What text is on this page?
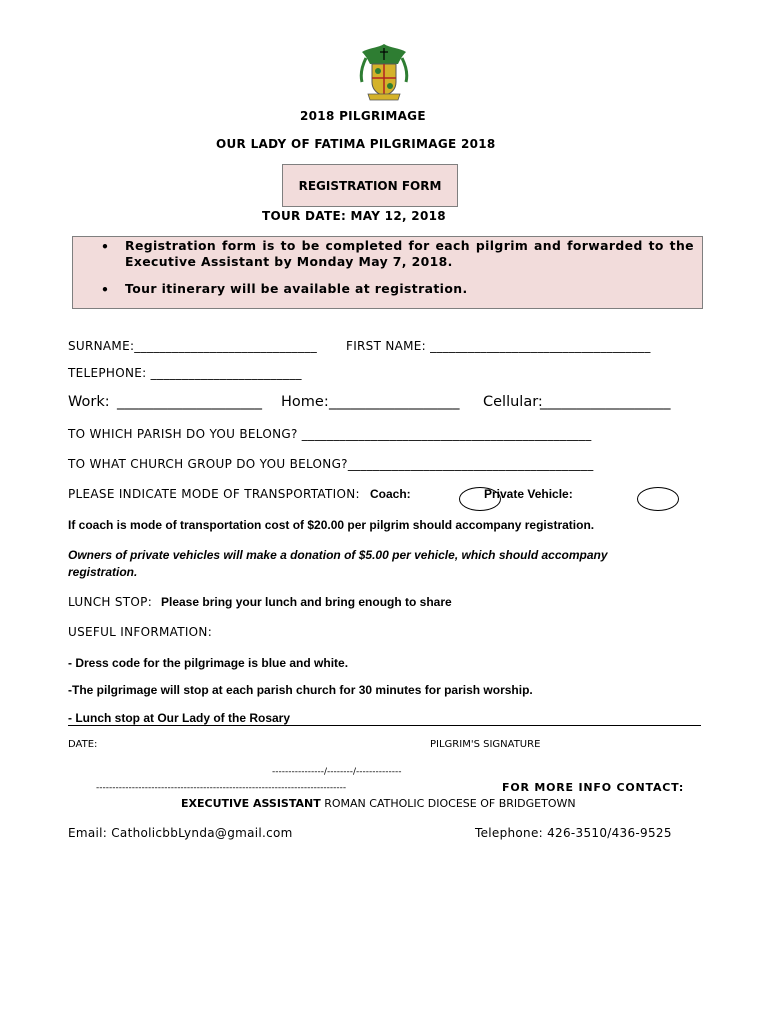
2018 PILGRIMAGE
OUR LADY OF FATIMA PILGRIMAGE 2018
REGISTRATION FORM
TOUR DATE: MAY 12, 2018
• Registration form is to be completed for each pilgrim and forwarded to the Executive Assistant by Monday May 7, 2018.
• Tour itinerary will be available at registration.
SURNAME:_____________________________ FIRST NAME: ___________________________________
TELEPHONE: ________________________
Work: ____________________ Home: __________________ Cellular:
__________________
TO WHICH PARISH DO YOU BELONG? ______________________________________________
TO WHAT CHURCH GROUP DO YOU BELONG?_______________________________________
PLEASE INDICATE MODE OF TRANSPORTATION: Coach:	Private Vehicle:
If coach is mode of transportation cost of $20.00 per pilgrim should accompany registration.
Owners of private vehicles will make a donation of $5.00 per vehicle, which should accompany
registration.
LUNCH STOP: Please bring your lunch and bring enough to share
USEFUL INFORMATION:
- Dress code for the pilgrimage is blue and white.
-The pilgrimage will stop at each parish church for 30 minutes for parish worship.
- Lunch stop at Our Lady of the Rosary
DATE:	PILGRIM'S SIGNATURE
----------------/--------/--------------
-----------------------------------------------------------------------------	FOR MORE INFO CONTACT:
EXECUTIVE ASSISTANT ROMAN CATHOLIC DIOCESE OF BRIDGETOWN
Email: CatholicbbLynda@gmail.com	Telephone: 426-3510/436-9525
